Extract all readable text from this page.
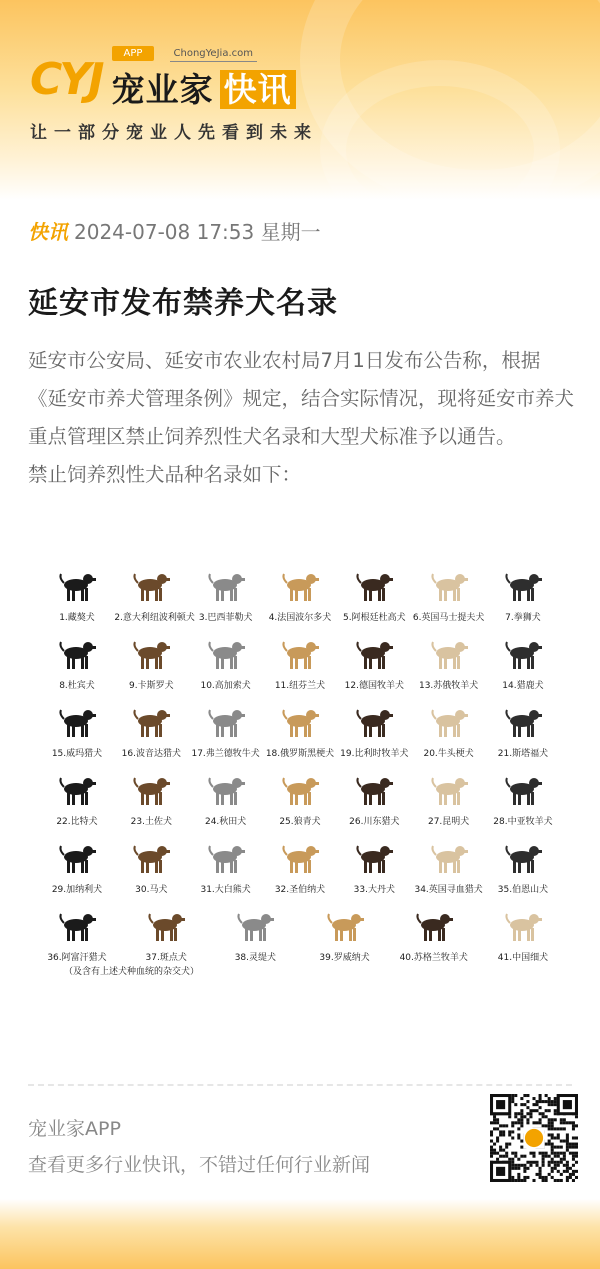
CYJ
APP	ChongYeJia.com
宠业家 快讯
让一部分宠业人先看到未来
快讯 2024-07-08 17:53 星期一
延安市发布禁养犬名录

延安市公安局、延安市农业农村局7月1日发布公告称，根据《延安市养犬管理条例》规定，结合实际情况，现将延安市养犬重点管理区禁止饲养烈性犬名录和大型犬标准予以通告。

禁止饲养烈性犬品种名录如下：

1.藏獒犬	2.意大利纽波利顿犬 3.巴西菲勒犬	4.法国波尔多犬	5.阿根廷杜高犬 6.英国马士提夫犬	7.拳狮犬
8.杜宾犬	9.卡斯罗犬	10.高加索犬	11.纽芬兰犬	12.德国牧羊犬	13.苏俄牧羊犬	14.猎鹿犬
15.威玛猎犬	16.波音达猎犬	17.弗兰德牧牛犬 18.俄罗斯黑梗犬 19.比利时牧羊犬	20.牛头梗犬	21.斯塔福犬
22.比特犬	23.土佐犬	24.秋田犬	25.狼青犬	26.川东猎犬	27.昆明犬	28.中亚牧羊犬
29.加纳利犬	30.马犬	31.大白熊犬	32.圣伯纳犬	33.大丹犬	34.英国寻血猎犬	35.伯恩山犬
36.阿富汗猎犬	37.斑点犬	38.灵缇犬	39.罗威纳犬	40.苏格兰牧羊犬	41.中国细犬
（及含有上述犬种血统的杂交犬）
宠业家APP
查看更多行业快讯，不错过任何行业新闻
